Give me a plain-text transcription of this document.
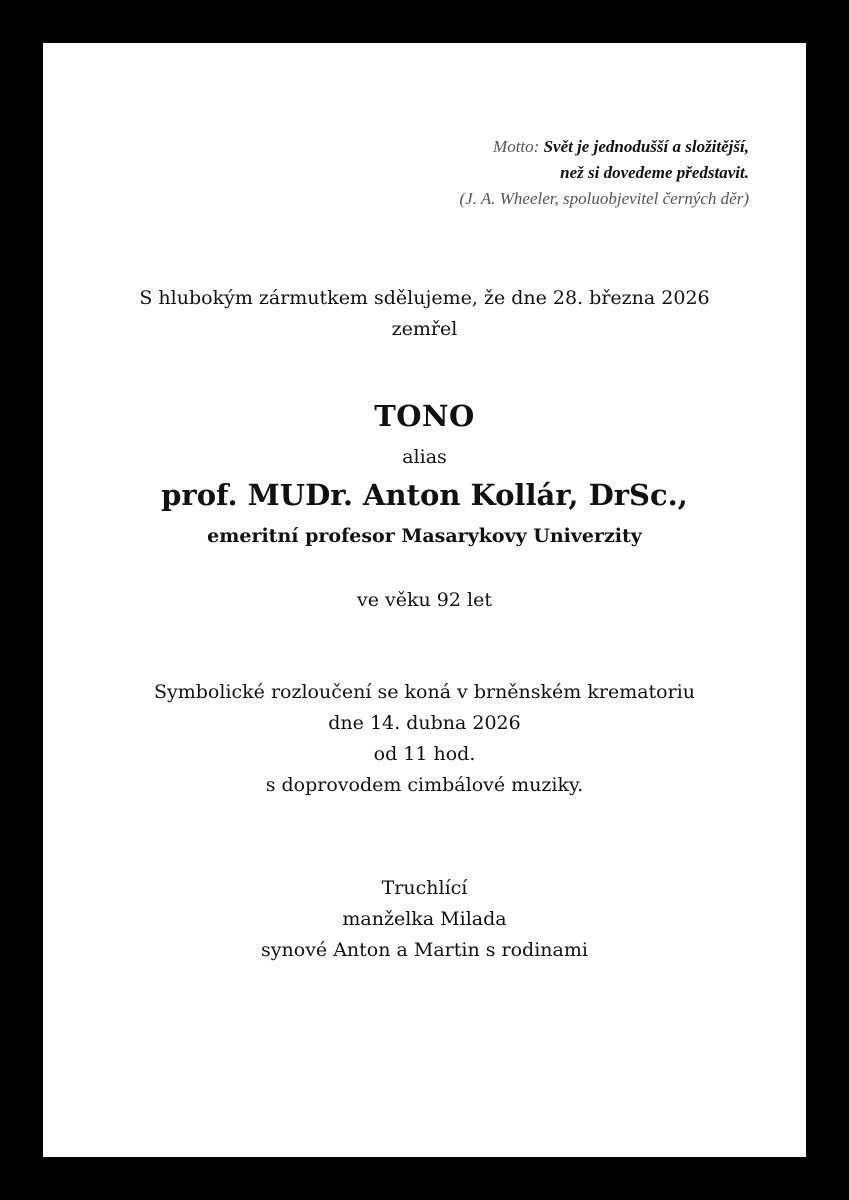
Motto: Svět je jednodušší a složitější,
než si dovedeme představit.
(J. A. Wheeler, spoluobjevitel černých děr)
S hlubokým zármutkem sdělujeme, že dne 28. března 2026
zemřel
TONO
alias
prof. MUDr. Anton Kollár, DrSc.,
emeritní profesor Masarykovy Univerzity
ve věku 92 let
Symbolické rozloučení se koná v brněnském krematoriu
dne 14. dubna 2026
od 11 hod.
s doprovodem cimbálové muziky.
Truchlící
manželka Milada
synové Anton a Martin s rodinami
